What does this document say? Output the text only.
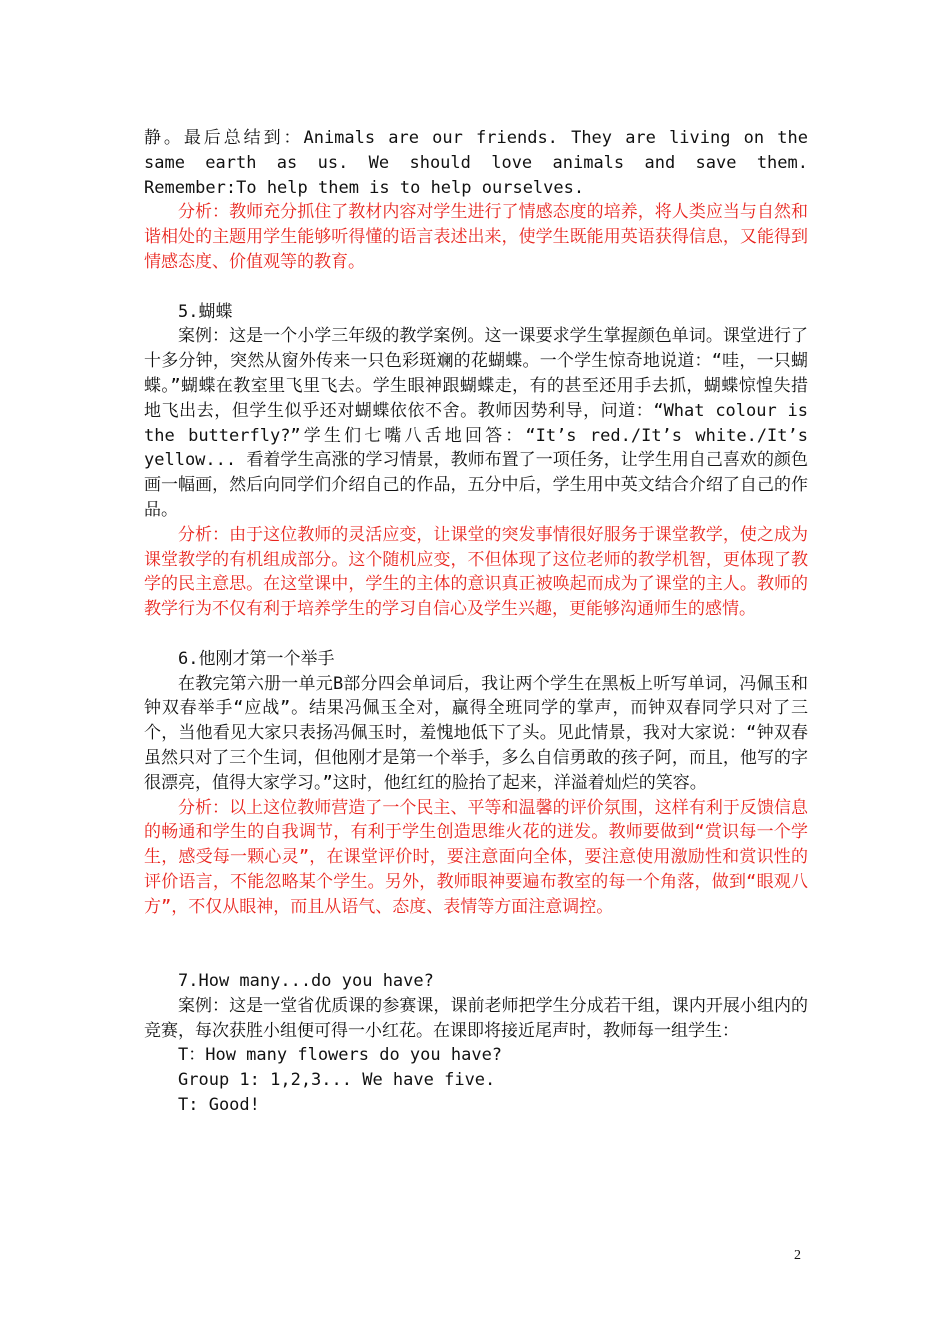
静。最后总结到：Animals are our friends. They are living on the same earth as us. We should love animals and save them. Remember:To help them is to help ourselves.

分析：教师充分抓住了教材内容对学生进行了情感态度的培养，将人类应当与自然和谐相处的主题用学生能够听得懂的语言表述出来，使学生既能用英语获得信息，又能得到情感态度、价值观等的教育。

5.蝴蝶

案例：这是一个小学三年级的教学案例。这一课要求学生掌握颜色单词。课堂进行了十多分钟，突然从窗外传来一只色彩斑斓的花蝴蝶。一个学生惊奇地说道：“哇，一只蝴蝶。”蝴蝶在教室里飞里飞去。学生眼神跟蝴蝶走，有的甚至还用手去抓，蝴蝶惊惶失措地飞出去，但学生似乎还对蝴蝶依依不舍。教师因势利导，问道：“What colour is the butterfly?”学生们七嘴八舌地回答：“It’s red./It’s white./It’s yellow... 看着学生高涨的学习情景，教师布置了一项任务，让学生用自己喜欢的颜色画一幅画，然后向同学们介绍自己的作品，五分中后，学生用中英文结合介绍了自己的作品。

分析：由于这位教师的灵活应变，让课堂的突发事情很好服务于课堂教学，使之成为课堂教学的有机组成部分。这个随机应变，不但体现了这位老师的教学机智，更体现了教学的民主意思。在这堂课中，学生的主体的意识真正被唤起而成为了课堂的主人。教师的教学行为不仅有利于培养学生的学习自信心及学生兴趣，更能够沟通师生的感情。

6.他刚才第一个举手

在教完第六册一单元B部分四会单词后，我让两个学生在黑板上听写单词，冯佩玉和钟双春举手“应战”。结果冯佩玉全对，赢得全班同学的掌声，而钟双春同学只对了三个，当他看见大家只表扬冯佩玉时，羞愧地低下了头。见此情景，我对大家说：“钟双春虽然只对了三个生词，但他刚才是第一个举手，多么自信勇敢的孩子阿，而且，他写的字很漂亮，值得大家学习。”这时，他红红的脸抬了起来，洋溢着灿烂的笑容。

分析：以上这位教师营造了一个民主、平等和温馨的评价氛围，这样有利于反馈信息的畅通和学生的自我调节，有利于学生创造思维火花的迸发。教师要做到“赏识每一个学生，感受每一颗心灵”，在课堂评价时，要注意面向全体，要注意使用激励性和赏识性的评价语言，不能忽略某个学生。另外，教师眼神要遍布教室的每一个角落，做到“眼观八方”，不仅从眼神，而且从语气、态度、表情等方面注意调控。

7.How many...do you have?

案例：这是一堂省优质课的参赛课，课前老师把学生分成若干组，课内开展小组内的竞赛，每次获胜小组便可得一小红花。在课即将接近尾声时，教师每一组学生：

T：How many flowers do you have?

Group 1: 1,2,3... We have five.

T: Good!

2
